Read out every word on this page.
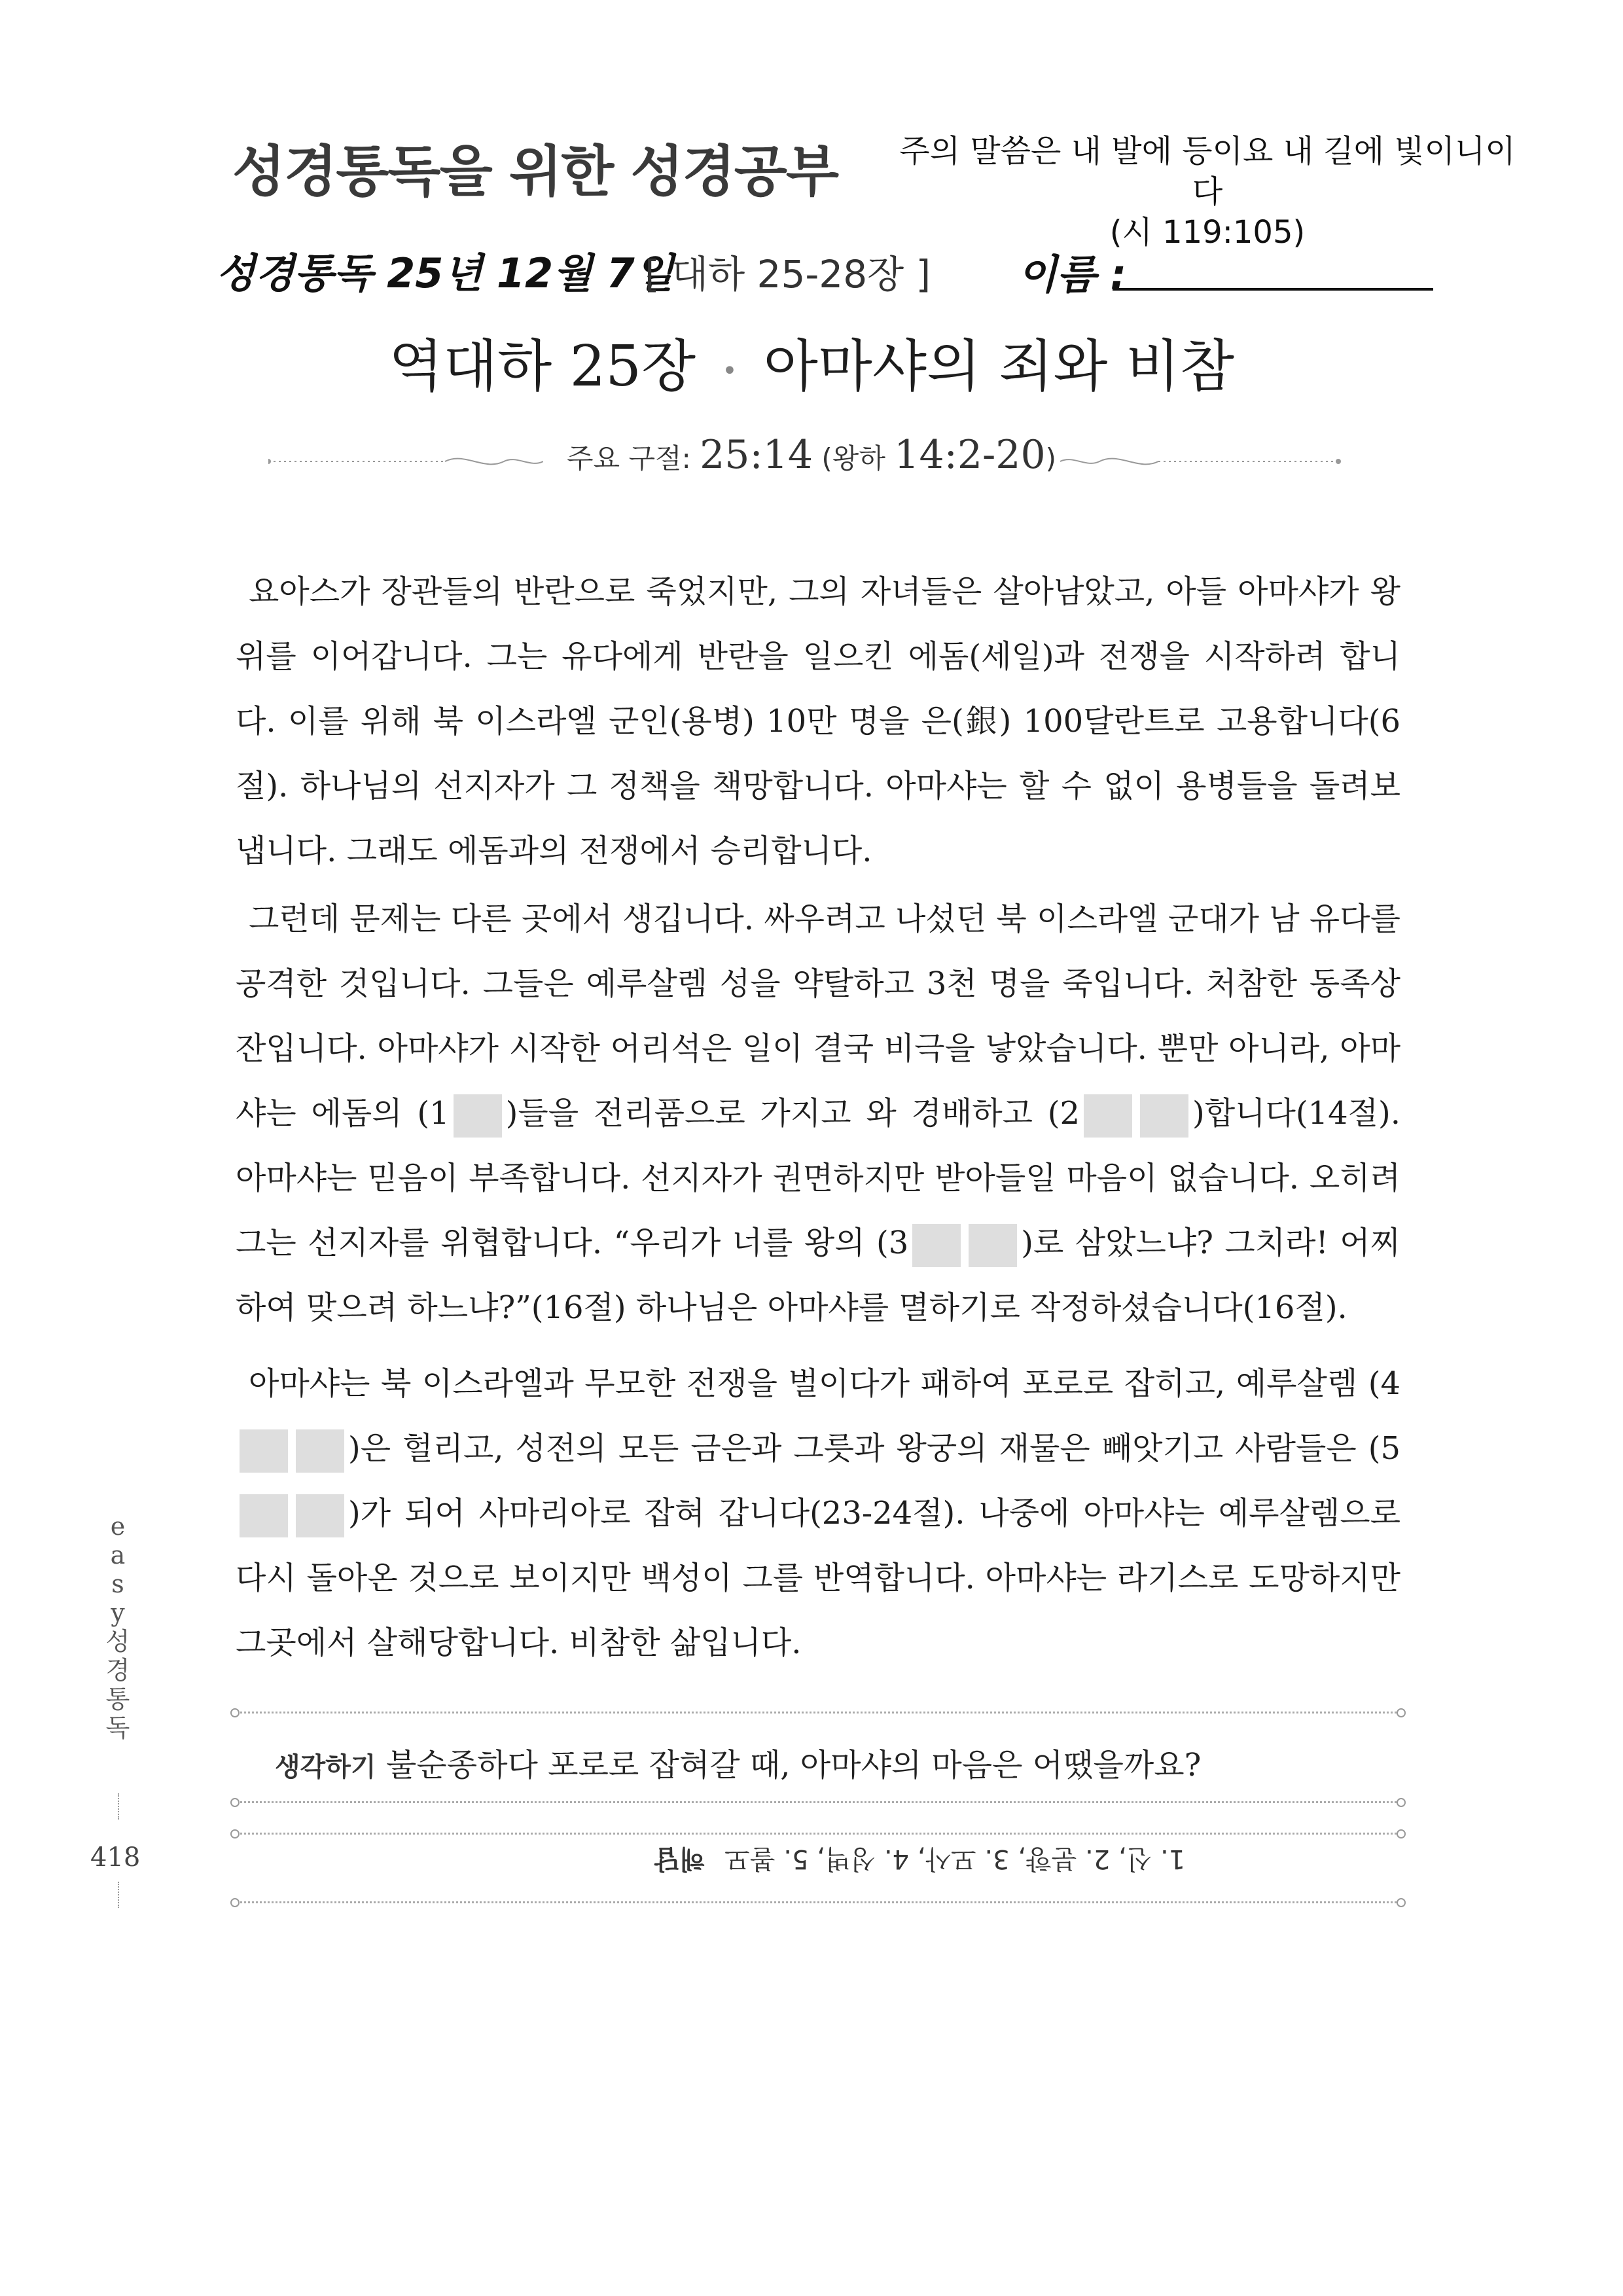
성경통독을 위한 성경공부 주의 말씀은 내 발에 등이요 내 길에 빛이니이다
(시 119:105)
성경통독 25년 12월 7일
[ 대하 25-28장 ] 이름 :
역대하 25장 • 아마샤의 죄와 비참
주요 구절: 25:14 (왕하 14:2-20)
요아스가 장관들의 반란으로 죽었지만, 그의 자녀들은 살아남았고, 아들 아마샤가 왕위를 이어갑니다. 그는 유다에게 반란을 일으킨 에돔(세일)과 전쟁을 시작하려 합니다. 이를 위해 북 이스라엘 군인(용병) 10만 명을 은(銀) 100달란트로 고용합니다(6절). 하나님의 선지자가 그 정책을 책망합니다. 아마샤는 할 수 없이 용병들을 돌려보냅니다. 그래도 에돔과의 전쟁에서 승리합니다.
그런데 문제는 다른 곳에서 생깁니다. 싸우려고 나섰던 북 이스라엘 군대가 남 유다를 공격한 것입니다. 그들은 예루살렘 성을 약탈하고 3천 명을 죽입니다. 처참한 동족상잔입니다. 아마샤가 시작한 어리석은 일이 결국 비극을 낳았습니다. 뿐만 아니라, 아마샤는 에돔의 (1 )들을 전리품으로 가지고 와 경배하고 (2	)합니다(14절). 아마샤는 믿음이 부족합니다. 선지자가 권면하지만 받아들일 마음이 없습니다. 오히려 그는 선지자를 위협합니다. “우리가 너를 왕의 (3	)로 삼았느냐? 그치라! 어찌하여 맞으려 하느냐?”(16절) 하나님은 아마샤를 멸하기로 작정하셨습니다(16절).
아마샤는 북 이스라엘과 무모한 전쟁을 벌이다가 패하여 포로로 잡히고, 예루살렘 (4)은 헐리고, 성전의 모든 금은과 그릇과 왕궁의 재물은 빼앗기고 사람들은 (5)가 되어 사마리아로 잡혀 갑니다(23-24절). 나중에 아마샤는 예루살렘으로 다시 돌아온 것으로 보이지만 백성이 그를 반역합니다. 아마샤는 라기스로 도망하지만 그곳에서 살해당합니다. 비참한 삶입니다.
e
a
s
y
성
경
통
독
418
생각하기 불순종하다 포로로 잡혀갈 때, 아마샤의 마음은 어땠을까요?
1. 신, 2. 분향, 3. 모사, 4. 성벽, 5. 볼모해답
